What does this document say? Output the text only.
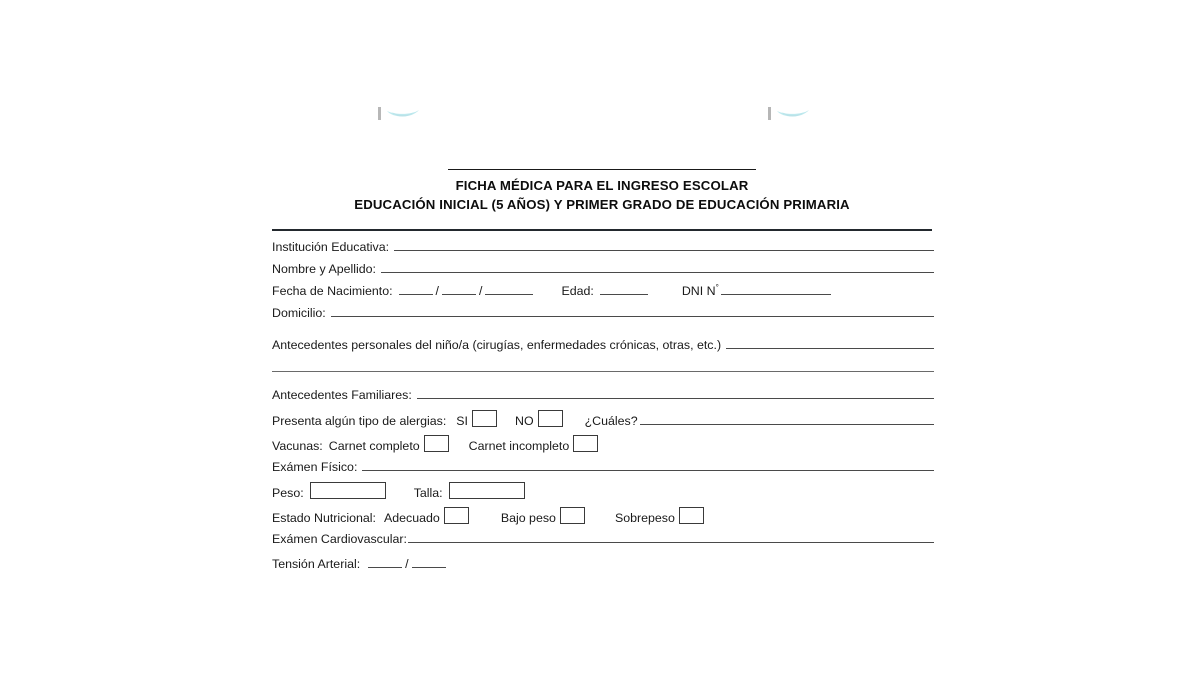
FICHA MÉDICA PARA EL INGRESO ESCOLAR
EDUCACIÓN INICIAL (5 AÑOS) Y PRIMER GRADO DE EDUCACIÓN PRIMARIA
Institución Educativa:
Nombre y Apellido:
Fecha de Nacimiento:	/	/	Edad:	DNI N°
Domicilio:
Antecedentes personales del niño/a (cirugías, enfermedades crónicas, otras, etc.)
Antecedentes Familiares:
Presenta algún tipo de alergias: SI	NO	¿Cuáles?
Vacunas: Carnet completo	Carnet incompleto
Exámen Físico:
Peso:	Talla:
Estado Nutricional: Adecuado	Bajo peso	Sobrepeso
Exámen Cardiovascular:
Tensión Arterial:	/
